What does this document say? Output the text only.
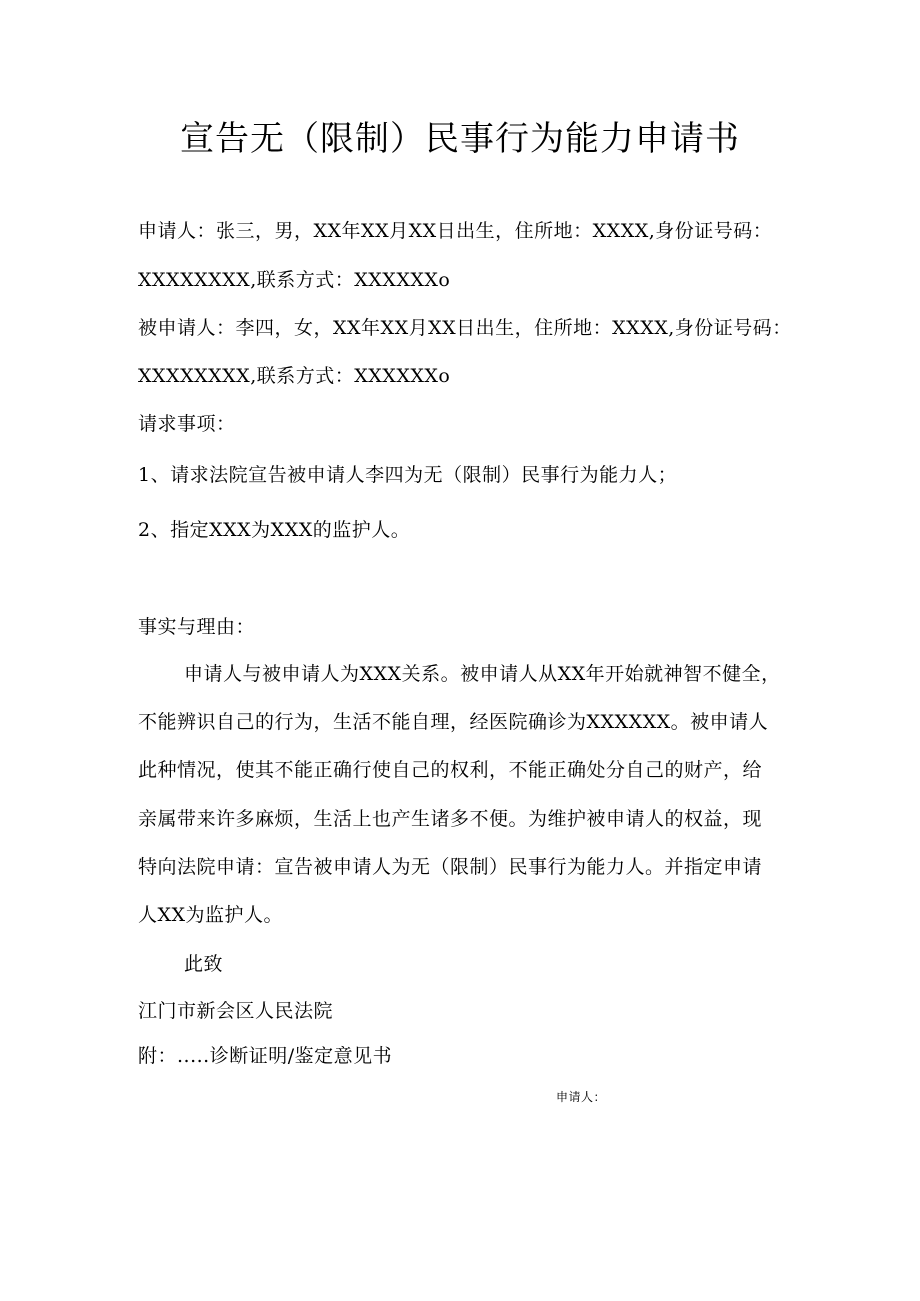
宣告无（限制）民事行为能力申请书
申请人：张三，男，XX年XX月XX日出生，住所地：XXXX,身份证号码：
XXXXXXXX,联系方式：XXXXXXo
被申请人：李四，女，XX年XX月XX日出生，住所地：XXXX,身份证号码：
XXXXXXXX,联系方式：XXXXXXo
请求事项：
1、请求法院宣告被申请人李四为无（限制）民事行为能力人；
2、指定XXX为XXX的监护人。
事实与理由：
申请人与被申请人为XXX关系。被申请人从XX年开始就神智不健全，
不能辨识自己的行为，生活不能自理，经医院确诊为XXXXXX。被申请人
此种情况，使其不能正确行使自己的权利，不能正确处分自己的财产，给
亲属带来许多麻烦，生活上也产生诸多不便。为维护被申请人的权益，现
特向法院申请：宣告被申请人为无（限制）民事行为能力人。并指定申请
人XX为监护人。
此致
江门市新会区人民法院
附：.....诊断证明/鉴定意见书
申请人：
